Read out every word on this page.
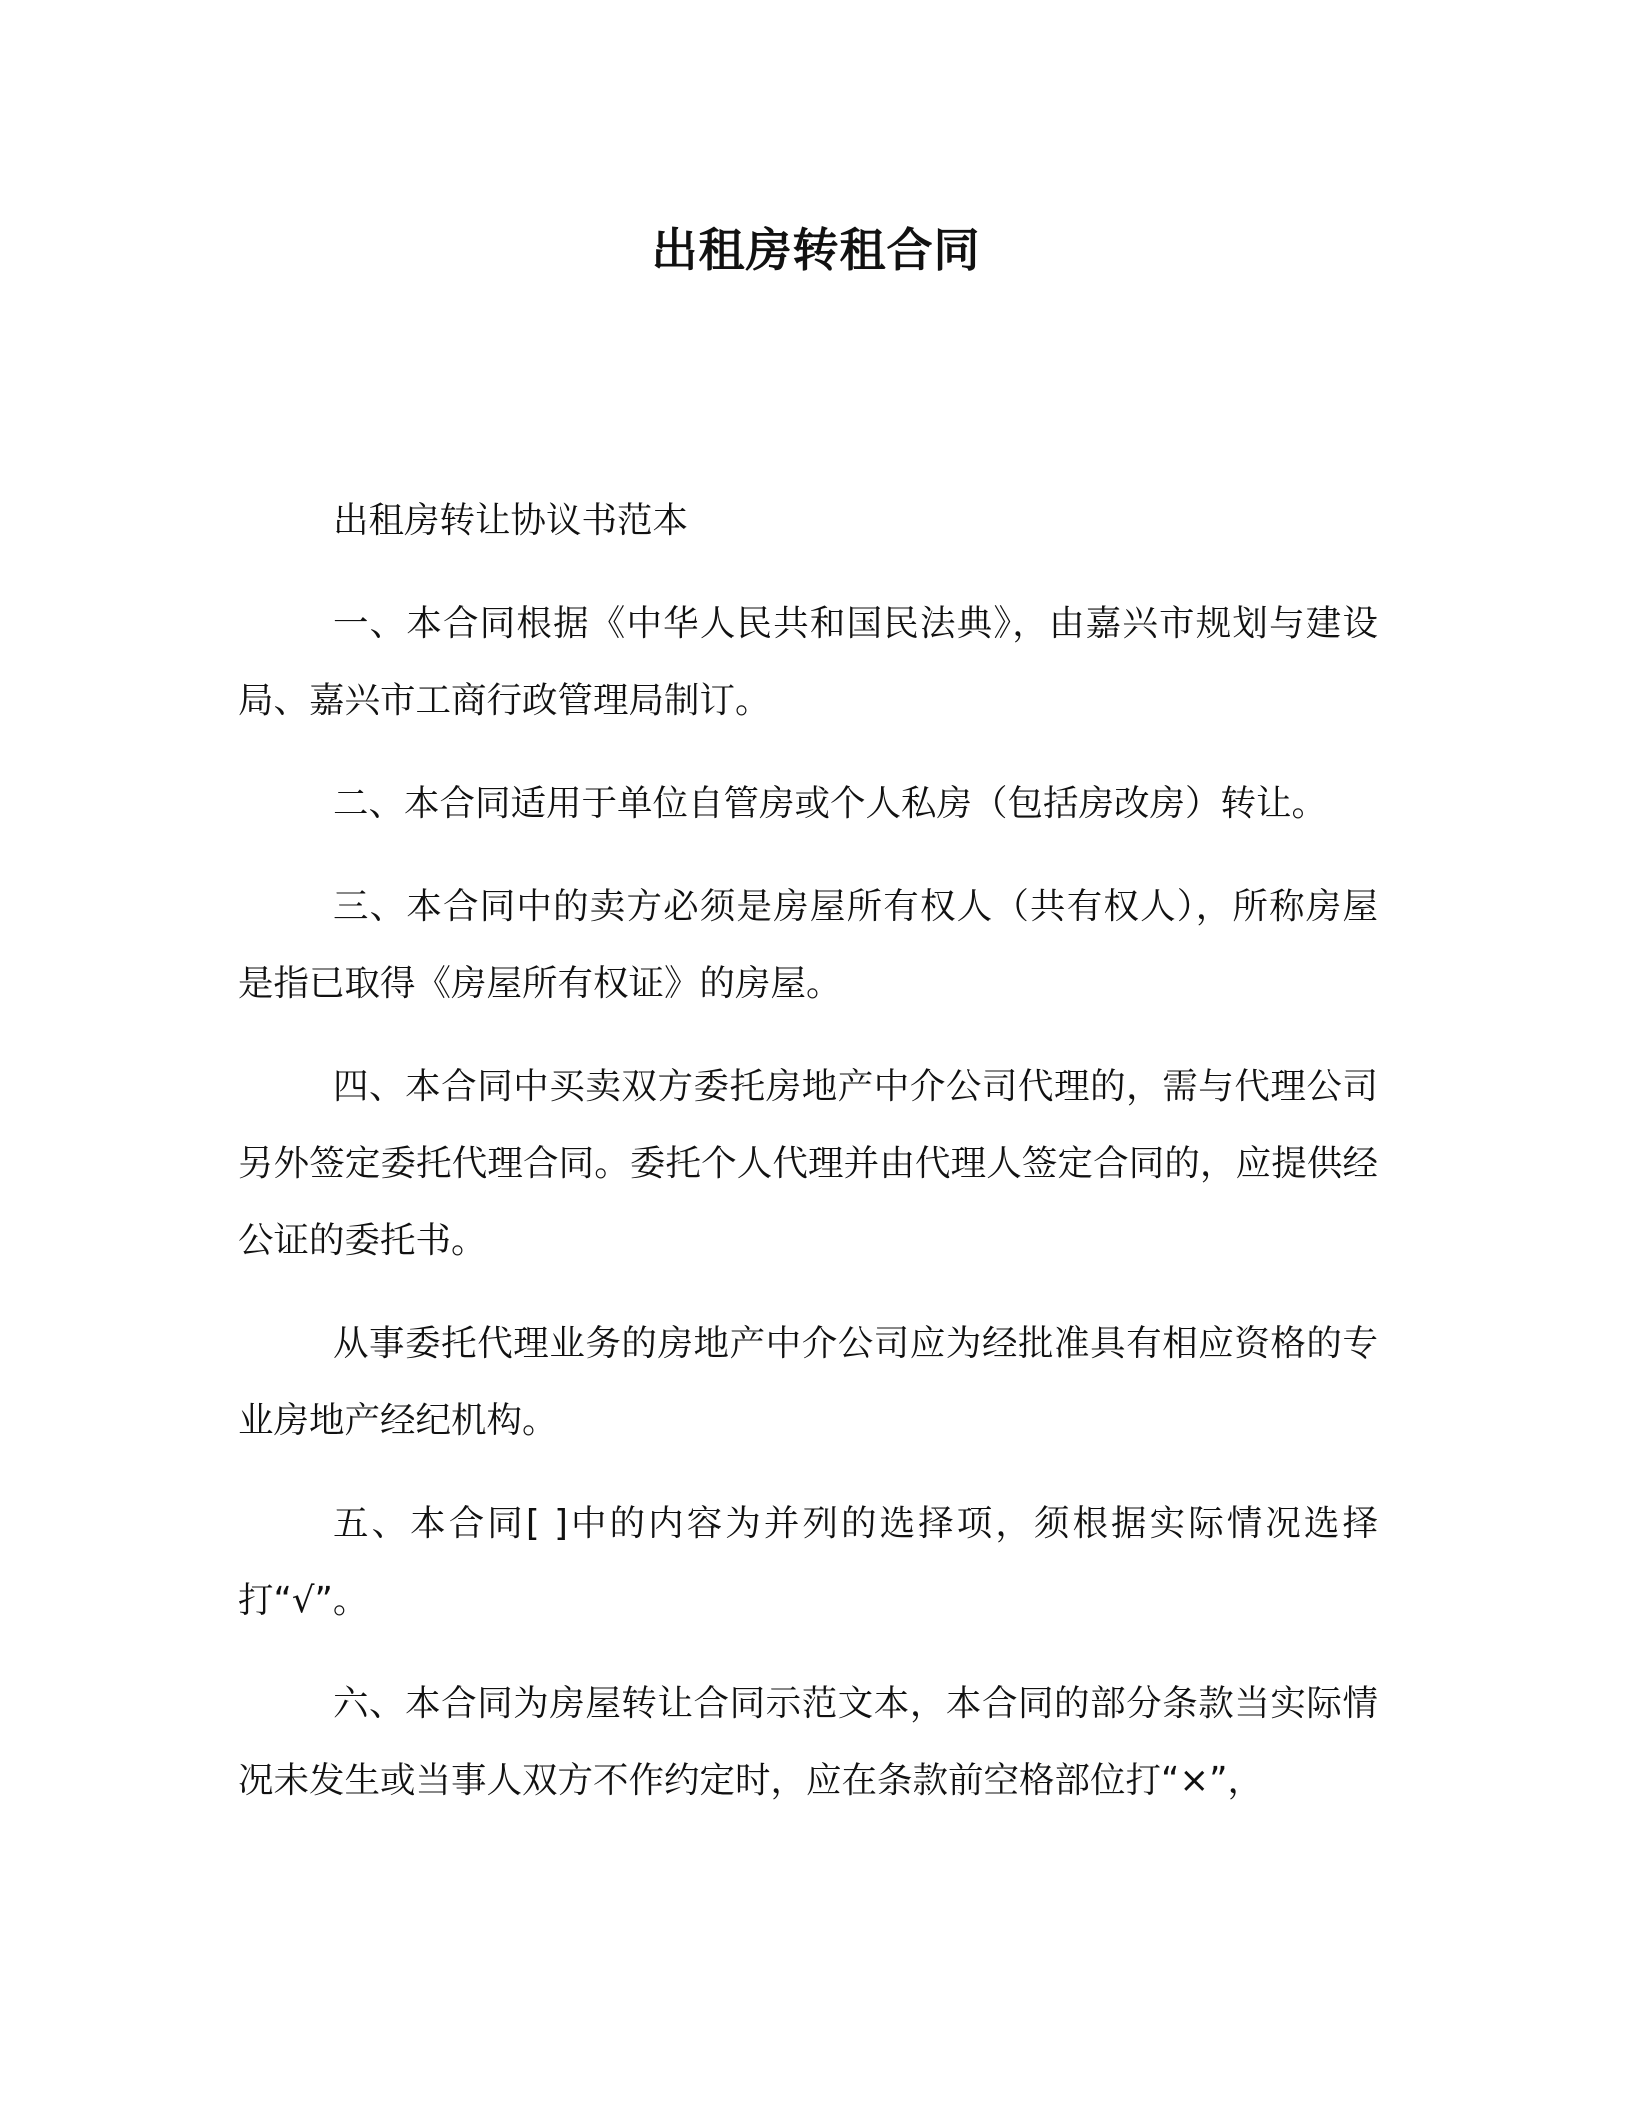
出租房转租合同

出租房转让协议书范本

一、本合同根据《中华人民共和国民法典》，由嘉兴市规划与建设局、嘉兴市工商行政管理局制订。

二、本合同适用于单位自管房或个人私房（包括房改房）转让。

三、本合同中的卖方必须是房屋所有权人（共有权人），所称房屋是指已取得《房屋所有权证》的房屋。

四、本合同中买卖双方委托房地产中介公司代理的，需与代理公司另外签定委托代理合同。委托个人代理并由代理人签定合同的，应提供经公证的委托书。

从事委托代理业务的房地产中介公司应为经批准具有相应资格的专业房地产经纪机构。

五、本合同[ ]中的内容为并列的选择项，须根据实际情况选择打“√”。

六、本合同为房屋转让合同示范文本，本合同的部分条款当实际情况未发生或当事人双方不作约定时，应在条款前空格部位打“×”，
